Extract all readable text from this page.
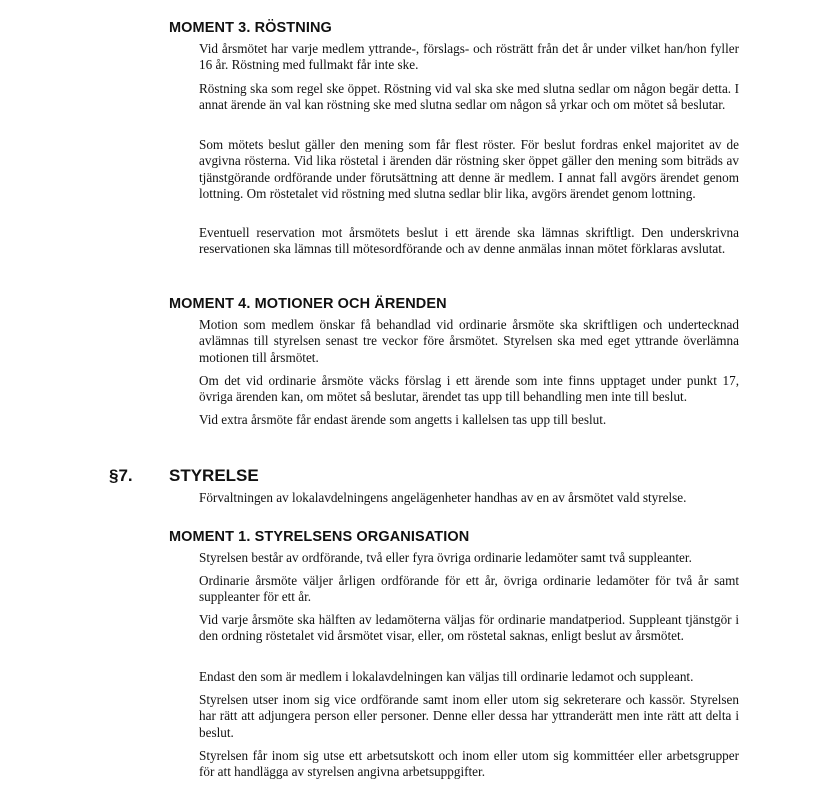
MOMENT 3. RÖSTNING

Vid årsmötet har varje medlem yttrande-, förslags- och rösträtt från det år under vilket han/hon fyller 16 år. Röstning med fullmakt får inte ske.

Röstning ska som regel ske öppet. Röstning vid val ska ske med slutna sedlar om någon begär detta. I annat ärende än val kan röstning ske med slutna sedlar om någon så yrkar och om mötet så beslutar.

Som mötets beslut gäller den mening som får flest röster. För beslut fordras enkel majoritet av de avgivna rösterna. Vid lika röstetal i ärenden där röstning sker öppet gäller den mening som biträds av tjänstgörande ordförande under förutsättning att denne är medlem. I annat fall avgörs ärendet genom lottning. Om röstetalet vid röstning med slutna sedlar blir lika, avgörs ärendet genom lottning.

Eventuell reservation mot årsmötets beslut i ett ärende ska lämnas skriftligt. Den underskrivna reservationen ska lämnas till mötesordförande och av denne anmälas innan mötet förklaras avslutat.

MOMENT 4. MOTIONER OCH ÄRENDEN

Motion som medlem önskar få behandlad vid ordinarie årsmöte ska skriftligen och undertecknad avlämnas till styrelsen senast tre veckor före årsmötet. Styrelsen ska med eget yttrande överlämna motionen till årsmötet.

Om det vid ordinarie årsmöte väcks förslag i ett ärende som inte finns upptaget under punkt 17, övriga ärenden kan, om mötet så beslutar, ärendet tas upp till behandling men inte till beslut.

Vid extra årsmöte får endast ärende som angetts i kallelsen tas upp till beslut.

§7. STYRELSE

Förvaltningen av lokalavdelningens angelägenheter handhas av en av årsmötet vald styrelse.

MOMENT 1. STYRELSENS ORGANISATION

Styrelsen består av ordförande, två eller fyra övriga ordinarie ledamöter samt två suppleanter.

Ordinarie årsmöte väljer årligen ordförande för ett år, övriga ordinarie ledamöter för två år samt suppleanter för ett år.

Vid varje årsmöte ska hälften av ledamöterna väljas för ordinarie mandatperiod. Suppleant tjänstgör i den ordning röstetalet vid årsmötet visar, eller, om röstetal saknas, enligt beslut av årsmötet.

Endast den som är medlem i lokalavdelningen kan väljas till ordinarie ledamot och suppleant.

Styrelsen utser inom sig vice ordförande samt inom eller utom sig sekreterare och kassör. Styrelsen har rätt att adjungera person eller personer. Denne eller dessa har yttranderätt men inte rätt att delta i beslut.

Styrelsen får inom sig utse ett arbetsutskott och inom eller utom sig kommittéer eller arbetsgrupper för att handlägga av styrelsen angivna arbetsuppgifter.
